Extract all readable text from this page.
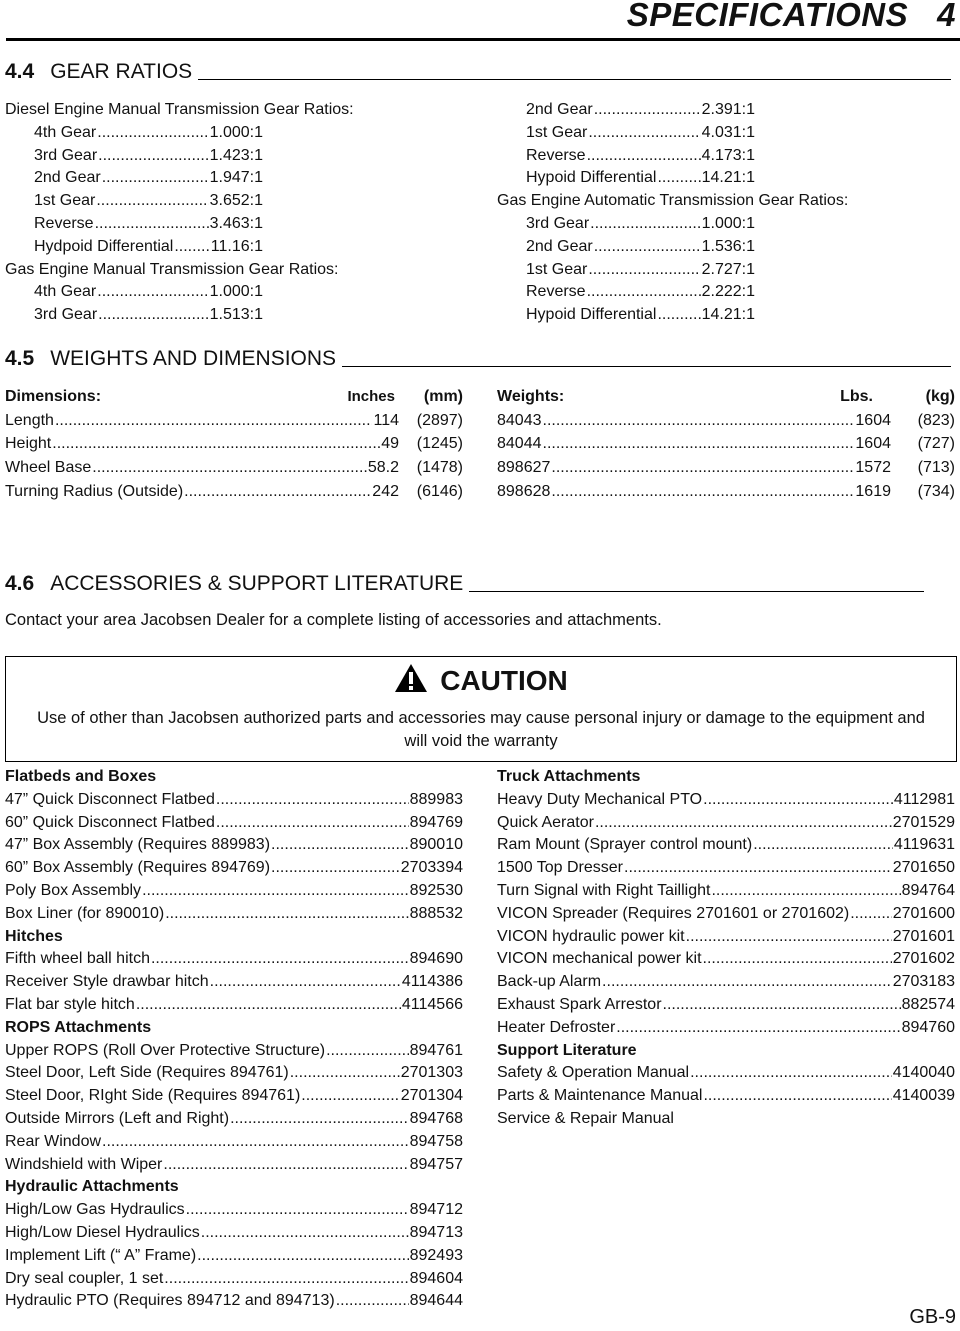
SPECIFICATIONS   4
4.4 GEAR RATIOS
Diesel Engine Manual Transmission Gear Ratios:
4th Gear .....	1.000:1
3rd Gear .....	1.423:1
2nd Gear .....	1.947:1
1st Gear .....	3.652:1
Reverse .....	3.463:1
Hydpoid Differential ..... 11.16:1
Gas Engine Manual Transmission Gear Ratios:
4th Gear .....	1.000:1
3rd Gear .....	1.513:1
2nd Gear .....	2.391:1
1st Gear .....	4.031:1
Reverse .....	4.173:1
Hypoid Differential .....	14.21:1
Gas Engine Automatic Transmission Gear Ratios:
3rd Gear .....	1.000:1
2nd Gear .....	1.536:1
1st Gear .....	2.727:1
Reverse .....	2.222:1
Hypoid Differential .....	14.21:1
4.5 WEIGHTS AND DIMENSIONS
Dimensions:	Inches (mm)
Length .....	114 (2897)
Height .....	49 (1245)
Wheel Base .....	58.2 (1478)
Turning Radius (Outside) .....	242 (6146)
Weights:	Lbs.	(kg)
84043 .....	1604 (823)
84044 .....	1604 (727)
898627 .....	1572 (713)
898628 .....	1619 (734)
4.6 ACCESSORIES & SUPPORT LITERATURE
Contact your area Jacobsen Dealer for a complete listing of accessories and attachments.
CAUTION
Use of other than Jacobsen authorized parts and accessories may cause personal injury or damage to the equipment and will void the warranty
Flatbeds and Boxes
47” Quick Disconnect Flatbed .....	889983
60” Quick Disconnect Flatbed .....	894769
47” Box Assembly (Requires 889983) .....	890010
60” Box Assembly (Requires 894769) .....	2703394
Poly Box Assembly .....	892530
Box Liner (for 890010) .....	888532
Hitches
Fifth wheel ball hitch .....	894690
Receiver Style drawbar hitch .....	4114386
Flat bar style hitch .....	4114566
ROPS Attachments
Upper ROPS (Roll Over Protective Structure) .....	894761
Steel Door, Left Side (Requires 894761) .....	2701303
Steel Door, RIght Side (Requires 894761) .....	2701304
Outside Mirrors (Left and Right) .....	894768
Rear Window .....	894758
Windshield with Wiper .....	894757
Hydraulic Attachments
High/Low Gas Hydraulics .....	894712
High/Low Diesel Hydraulics .....	894713
Implement Lift (“ A” Frame) .....	892493
Dry seal coupler, 1 set .....	894604
Hydraulic PTO (Requires 894712 and 894713) .....	894644
Truck Attachments
Heavy Duty Mechanical PTO .....	4112981
Quick Aerator .....	2701529
Ram Mount (Sprayer control mount) .....	4119631
1500 Top Dresser .....	2701650
Turn Signal with Right Taillight .....	894764
VICON Spreader (Requires 2701601 or 2701602) .....	2701600
VICON hydraulic power kit .....	2701601
VICON mechanical power kit .....	2701602
Back-up Alarm .....	2703183
Exhaust Spark Arrestor .....	882574
Heater Defroster .....	894760
Support Literature
Safety & Operation Manual .....	4140040
Parts & Maintenance Manual .....	4140039
Service & Repair Manual
GB-9
